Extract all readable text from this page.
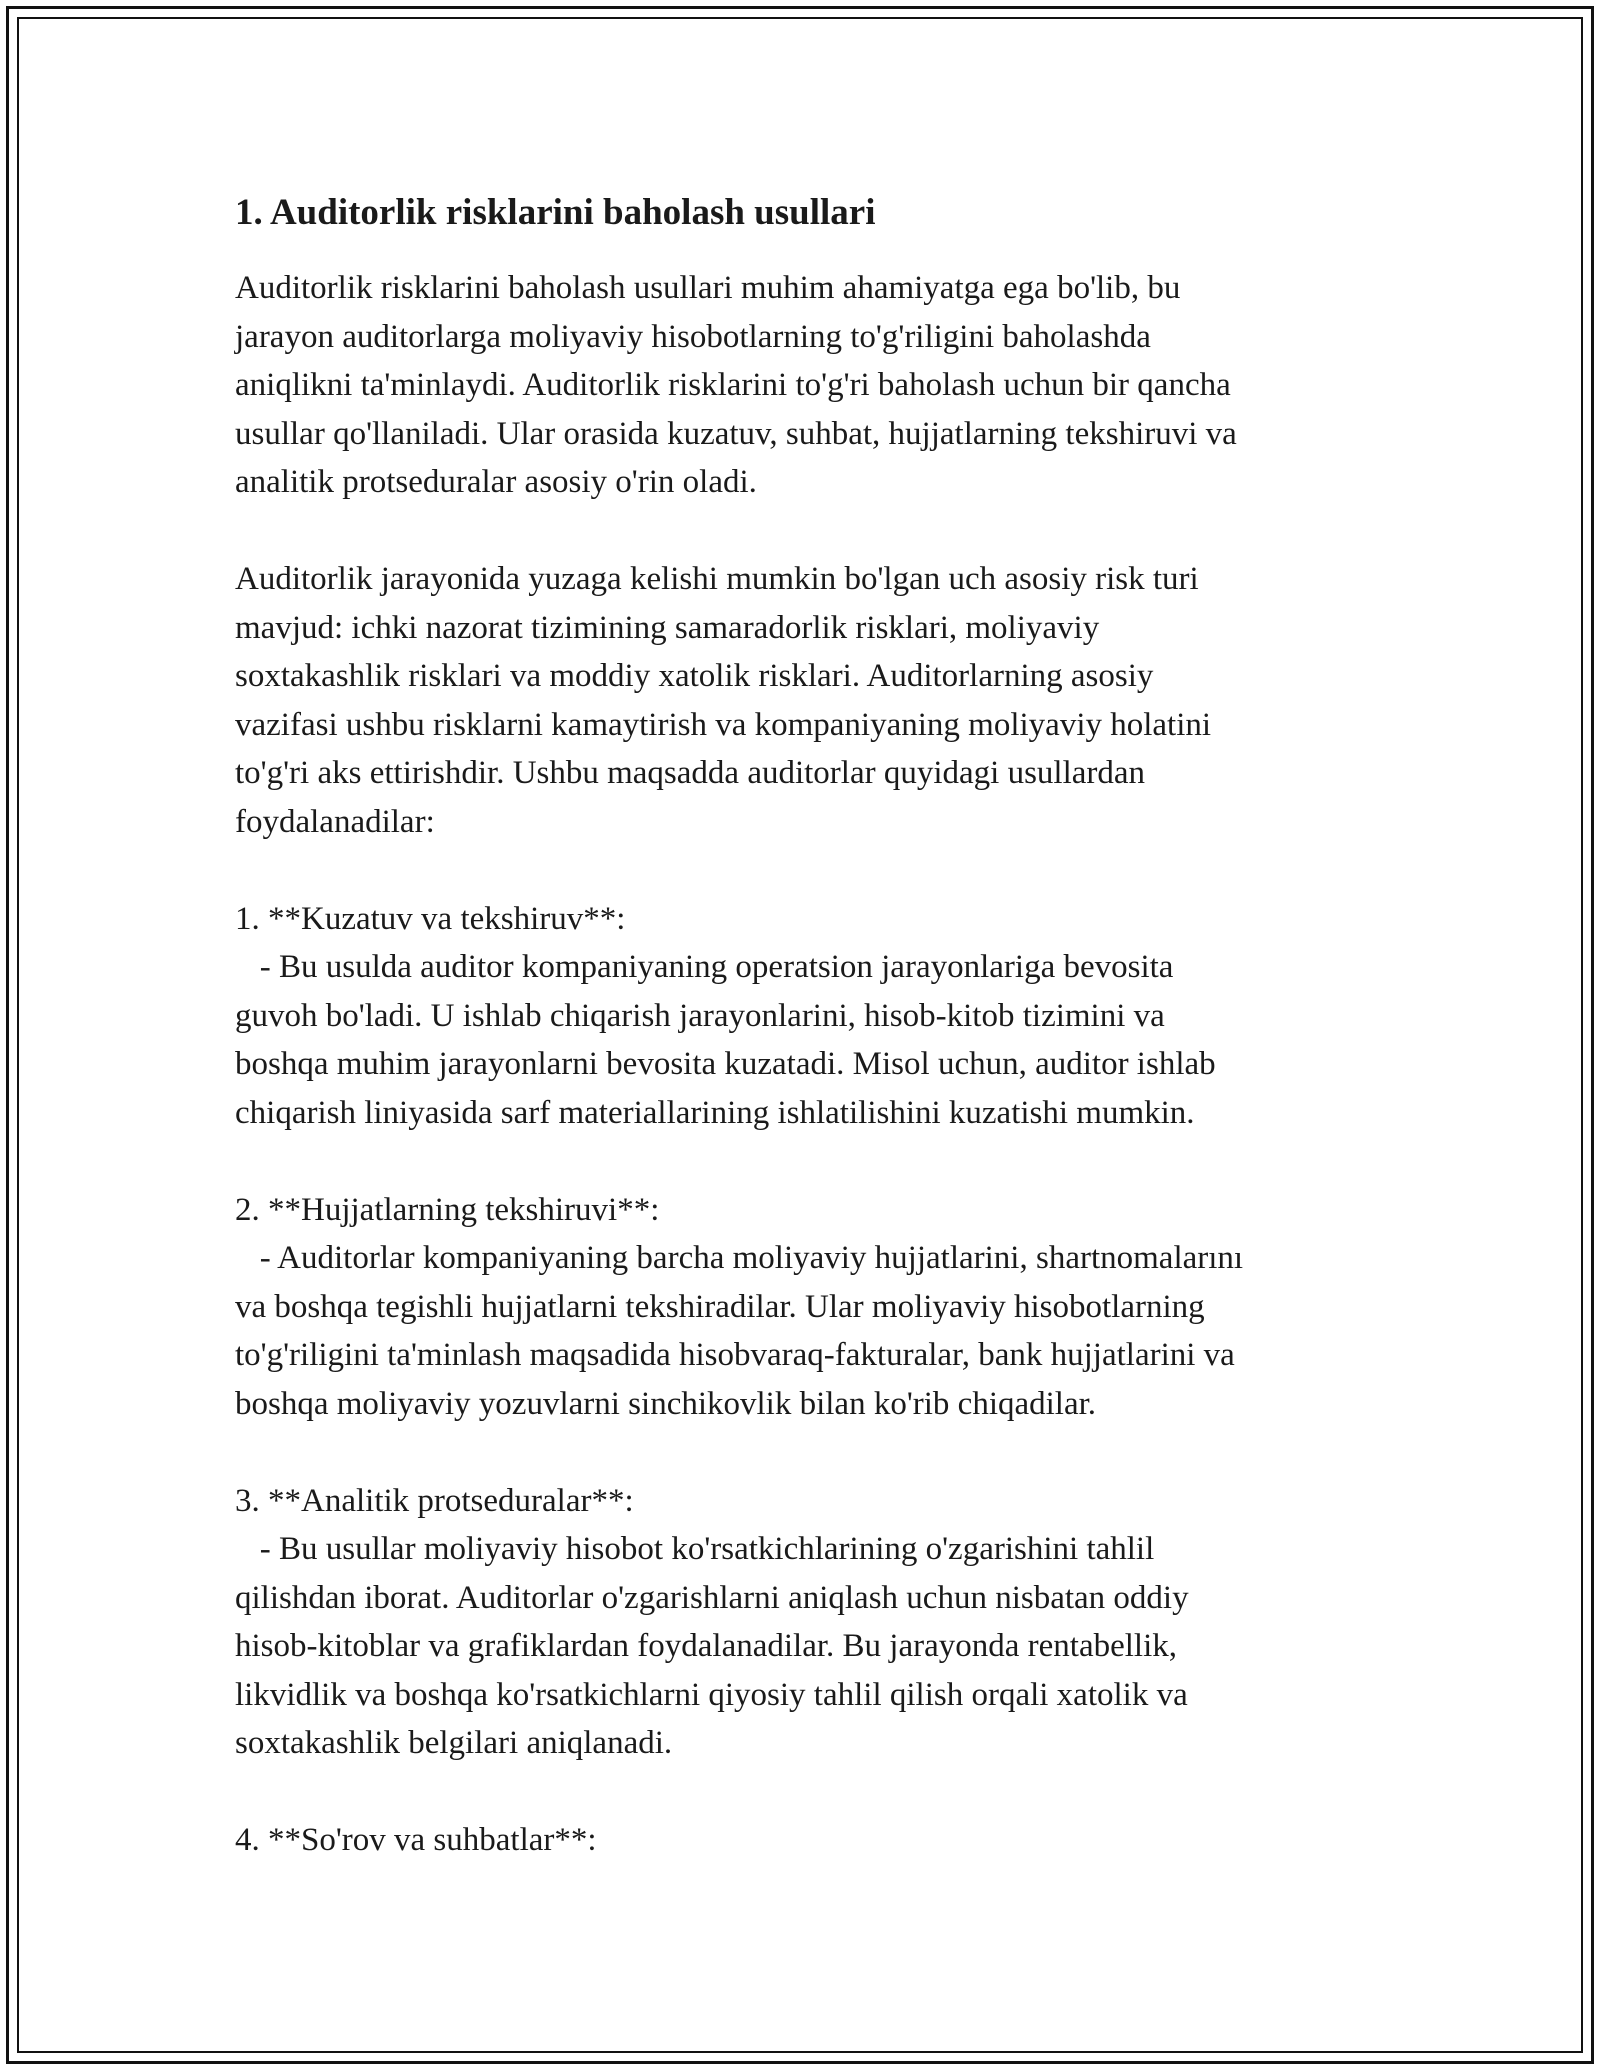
1. Auditorlik risklarini baholash usullari

Auditorlik risklarini baholash usullari muhim ahamiyatga ega bo'lib, bu
jarayon auditorlarga moliyaviy hisobotlarning to'g'riligini baholashda
aniqlikni ta'minlaydi. Auditorlik risklarini to'g'ri baholash uchun bir qancha
usullar qo'llaniladi. Ular orasida kuzatuv, suhbat, hujjatlarning tekshiruvi va
analitik protseduralar asosiy o'rin oladi.

Auditorlik jarayonida yuzaga kelishi mumkin bo'lgan uch asosiy risk turi
mavjud: ichki nazorat tizimining samaradorlik risklari, moliyaviy
soxtakashlik risklari va moddiy xatolik risklari. Auditorlarning asosiy
vazifasi ushbu risklarni kamaytirish va kompaniyaning moliyaviy holatini
to'g'ri aks ettirishdir. Ushbu maqsadda auditorlar quyidagi usullardan
foydalanadilar:

1. **Kuzatuv va tekshiruv**:
- Bu usulda auditor kompaniyaning operatsion jarayonlariga bevosita
guvoh bo'ladi. U ishlab chiqarish jarayonlarini, hisob-kitob tizimini va
boshqa muhim jarayonlarni bevosita kuzatadi. Misol uchun, auditor ishlab
chiqarish liniyasida sarf materiallarining ishlatilishini kuzatishi mumkin.

2. **Hujjatlarning tekshiruvi**:
- Auditorlar kompaniyaning barcha moliyaviy hujjatlarini, shartnomalarını
va boshqa tegishli hujjatlarni tekshiradilar. Ular moliyaviy hisobotlarning
to'g'riligini ta'minlash maqsadida hisobvaraq-fakturalar, bank hujjatlarini va
boshqa moliyaviy yozuvlarni sinchikovlik bilan ko'rib chiqadilar.

3. **Analitik protseduralar**:
- Bu usullar moliyaviy hisobot ko'rsatkichlarining o'zgarishini tahlil
qilishdan iborat. Auditorlar o'zgarishlarni aniqlash uchun nisbatan oddiy
hisob-kitoblar va grafiklardan foydalanadilar. Bu jarayonda rentabellik,
likvidlik va boshqa ko'rsatkichlarni qiyosiy tahlil qilish orqali xatolik va
soxtakashlik belgilari aniqlanadi.

4. **So'rov va suhbatlar**:
